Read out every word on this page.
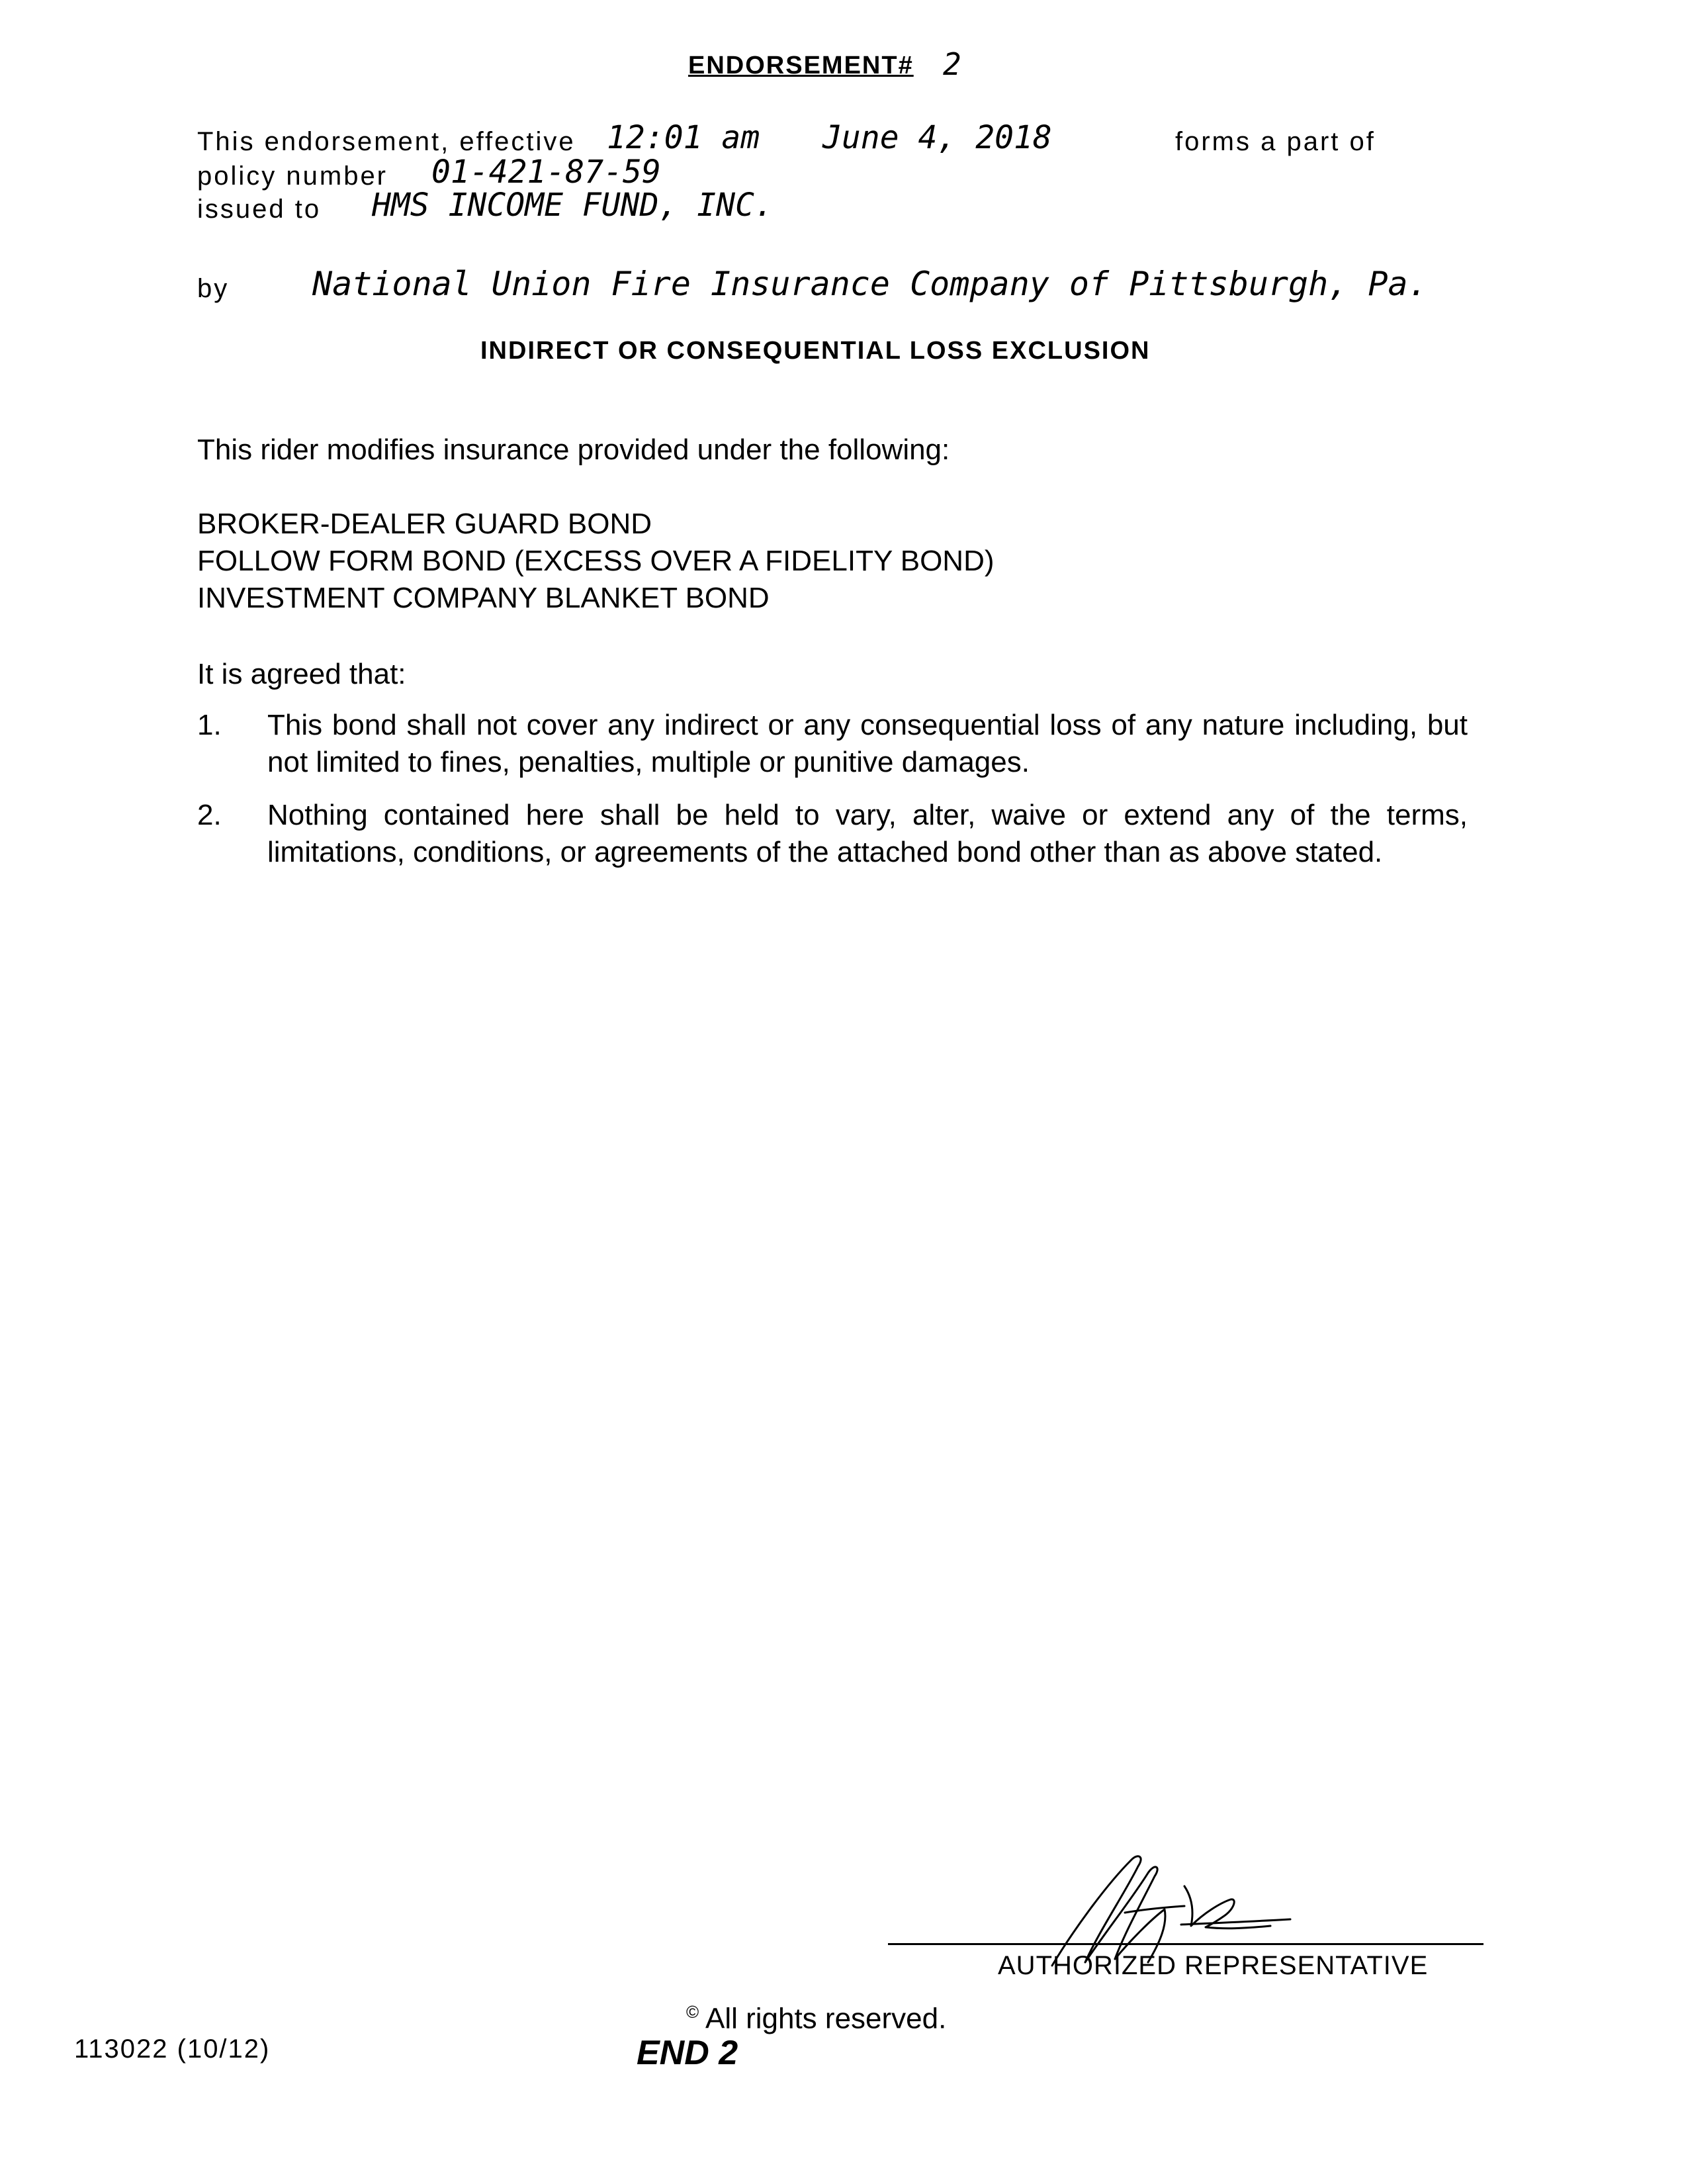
ENDORSEMENT# 2
This endorsement, effective 12:01 am June 4, 2018	forms a part of
policy number 01-421-87-59
issued to HMS INCOME FUND, INC.
by	National Union Fire Insurance Company of Pittsburgh, Pa.
INDIRECT OR CONSEQUENTIAL LOSS EXCLUSION
This rider modifies insurance provided under the following:
BROKER-DEALER GUARD BOND
FOLLOW FORM BOND (EXCESS OVER A FIDELITY BOND)
INVESTMENT COMPANY BLANKET BOND
It is agreed that:
1. This bond shall not cover any indirect or any consequential loss of any nature including, but not limited to fines, penalties, multiple or punitive damages.
2. Nothing contained here shall be held to vary, alter, waive or extend any of the terms, limitations, conditions, or agreements of the attached bond other than as above stated.
AUTHORIZED REPRESENTATIVE
© All rights reserved.
113022 (10/12)	END 2
